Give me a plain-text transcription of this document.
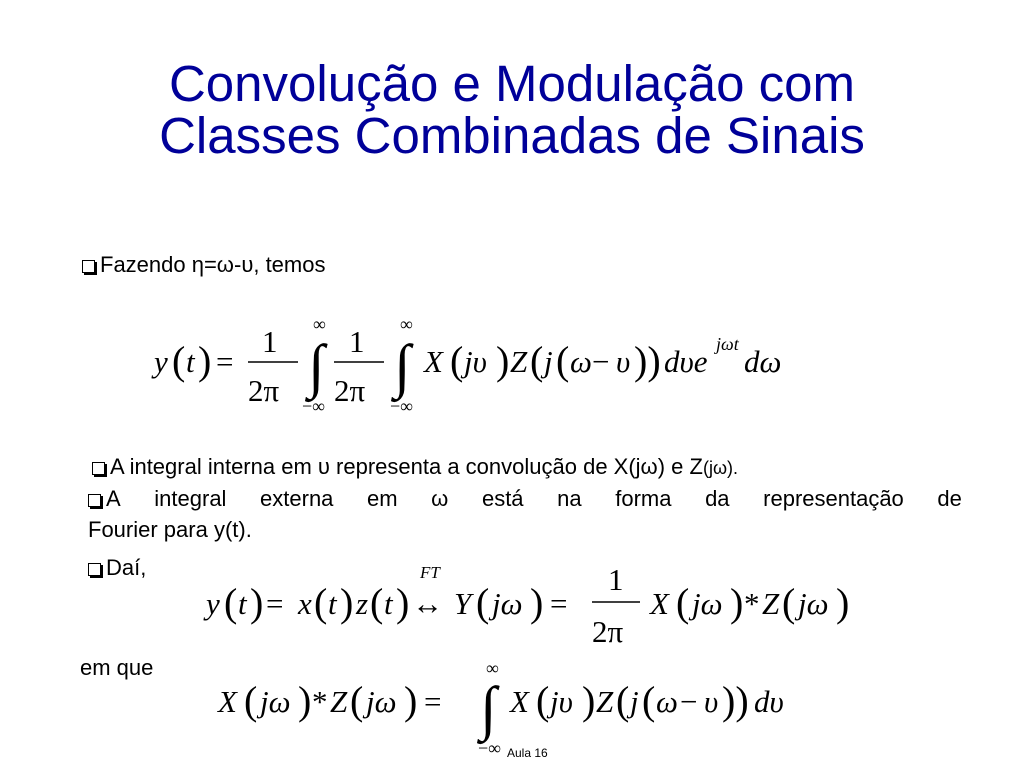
Convolução e Modulação com
Classes Combinadas de Sinais
Fazendo η=ω-υ, temos
y ( t ) =
1
2π
∞
∫
−∞
1
2π
∞
∫
−∞
X ( jυ ) Z ( j ( ω − υ )) dυe jωt dω
A integral interna em υ representa a convolução de X(jω) e Z(jω).
A integral externa em ω está na forma da representação de
Fourier para y(t).
Daí,	FT
y ( t ) = x ( t ) z ( t ) ↔ Y ( jω ) =
1
2π
X ( jω ) * Z ( jω )
em que
X ( jω ) * Z ( jω ) =
∞
∫
−∞
X ( jυ ) Z ( j ( ω − υ )) dυ
Aula 16
